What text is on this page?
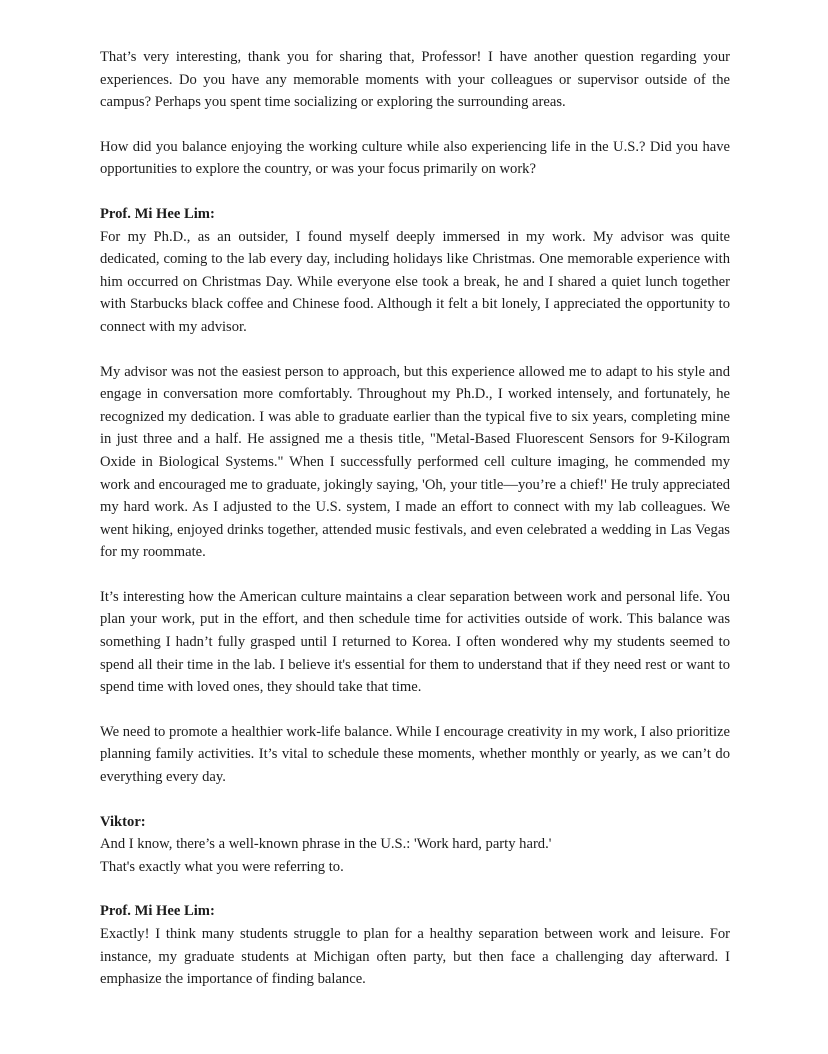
That’s very interesting, thank you for sharing that, Professor! I have another question regarding your experiences. Do you have any memorable moments with your colleagues or supervisor outside of the campus? Perhaps you spent time socializing or exploring the surrounding areas.

How did you balance enjoying the working culture while also experiencing life in the U.S.? Did you have opportunities to explore the country, or was your focus primarily on work?

Prof. Mi Hee Lim:

For my Ph.D., as an outsider, I found myself deeply immersed in my work. My advisor was quite dedicated, coming to the lab every day, including holidays like Christmas. One memorable experience with him occurred on Christmas Day. While everyone else took a break, he and I shared a quiet lunch together with Starbucks black coffee and Chinese food. Although it felt a bit lonely, I appreciated the opportunity to connect with my advisor.

My advisor was not the easiest person to approach, but this experience allowed me to adapt to his style and engage in conversation more comfortably. Throughout my Ph.D., I worked intensely, and fortunately, he recognized my dedication. I was able to graduate earlier than the typical five to six years, completing mine in just three and a half. He assigned me a thesis title, "Metal-Based Fluorescent Sensors for 9-Kilogram Oxide in Biological Systems." When I successfully performed cell culture imaging, he commended my work and encouraged me to graduate, jokingly saying, 'Oh, your title—you’re a chief!' He truly appreciated my hard work. As I adjusted to the U.S. system, I made an effort to connect with my lab colleagues. We went hiking, enjoyed drinks together, attended music festivals, and even celebrated a wedding in Las Vegas for my roommate.

It’s interesting how the American culture maintains a clear separation between work and personal life. You plan your work, put in the effort, and then schedule time for activities outside of work. This balance was something I hadn’t fully grasped until I returned to Korea. I often wondered why my students seemed to spend all their time in the lab. I believe it's essential for them to understand that if they need rest or want to spend time with loved ones, they should take that time.

We need to promote a healthier work-life balance. While I encourage creativity in my work, I also prioritize planning family activities. It’s vital to schedule these moments, whether monthly or yearly, as we can’t do everything every day.

Viktor:

And I know, there’s a well-known phrase in the U.S.: 'Work hard, party hard.'

That's exactly what you were referring to.

Prof. Mi Hee Lim:

Exactly! I think many students struggle to plan for a healthy separation between work and leisure. For instance, my graduate students at Michigan often party, but then face a challenging day afterward. I emphasize the importance of finding balance.
